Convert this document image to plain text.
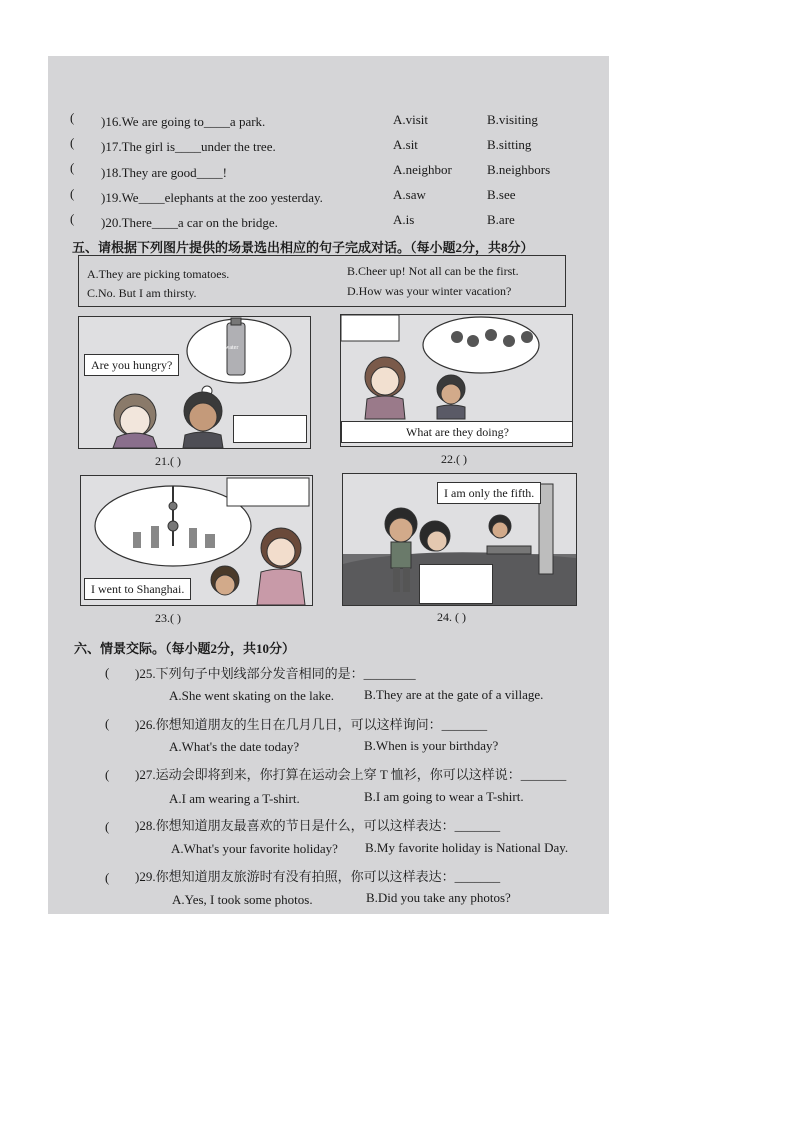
( )16.We are going to____a park.	A.visit	B.visiting
( )17.The girl is____under the tree.	A.sit	B.sitting
( )18.They are good____!	A.neighbor	B.neighbors
( )19.We____elephants at the zoo yesterday.	A.saw	B.see
( )20.There____a car on the bridge.	A.is	B.are
五、请根据下列图片提供的场景选出相应的句子完成对话。（每小题2分，共8分）
A.They are picking tomatoes.	B.Cheer up! Not all can be the first.
C.No. But I am thirsty.	D.How was your winter vacation?
Are you hungry?
water
21.( )
What are they doing?
22.( )
I went to Shanghai.
23.( )
I am only the fifth.
24. ( )
六、情景交际。（每小题2分，共10分）
( )25.下列句子中划线部分发音相同的是：________
A.She went skating on the lake. B.They are at the gate of a village.
( )26.你想知道朋友的生日在几月几日，可以这样询问：_______
A.What's the date today?	B.When is your birthday?
( )27.运动会即将到来，你打算在运动会上穿 T 恤衫，你可以这样说：_______
A.I am wearing a T-shirt.	B.I am going to wear a T-shirt.
( )28.你想知道朋友最喜欢的节日是什么，可以这样表达：_______
A.What's your favorite holiday? B.My favorite holiday is National Day.
( )29.你想知道朋友旅游时有没有拍照，你可以这样表达：_______
A.Yes, I took some photos.	B.Did you take any photos?
